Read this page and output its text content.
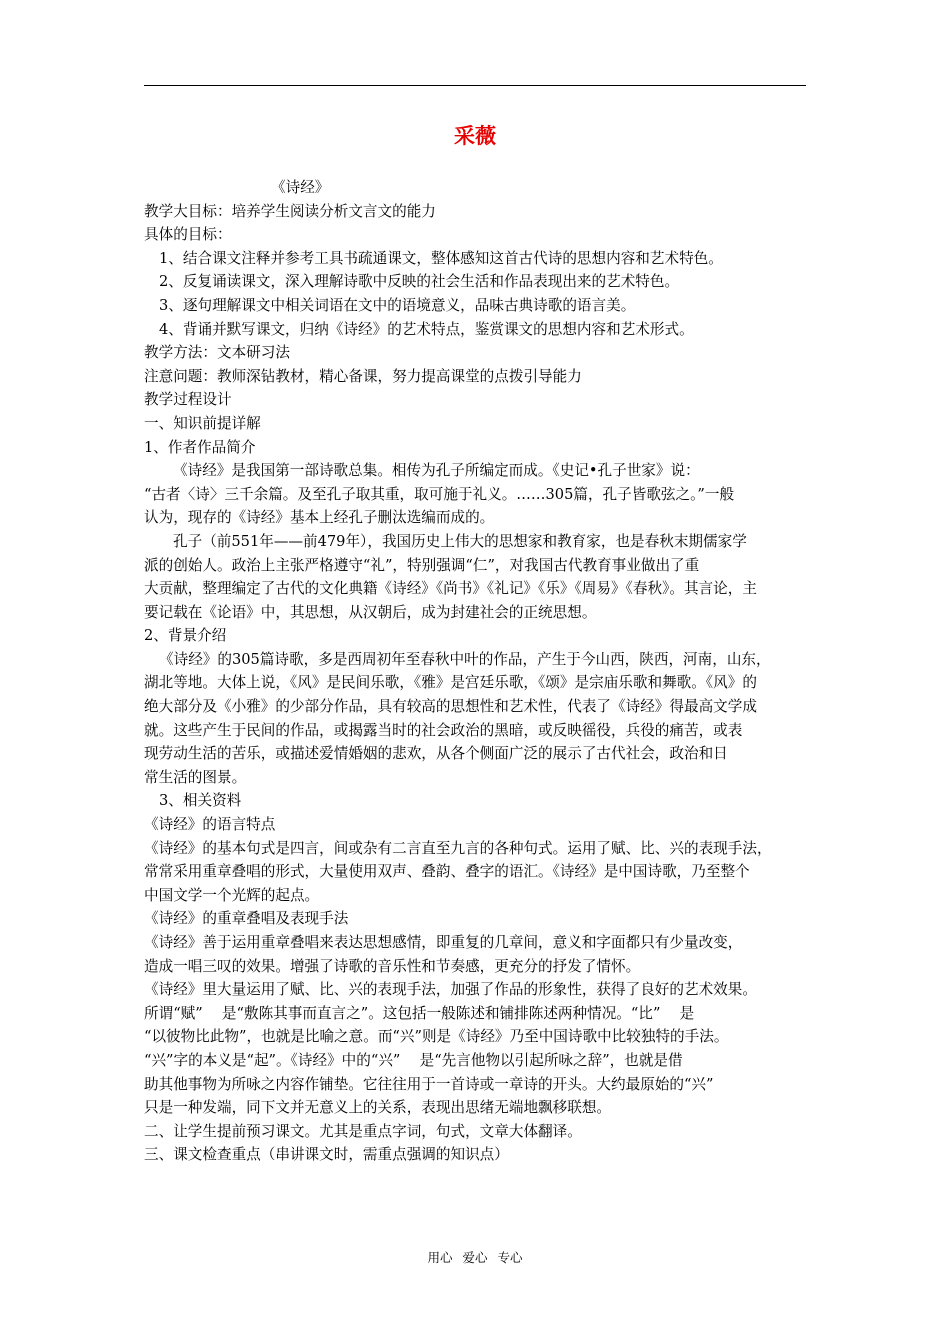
采薇
《诗经》
教学大目标：培养学生阅读分析文言文的能力
具体的目标：
1、结合课文注释并参考工具书疏通课文，整体感知这首古代诗的思想内容和艺术特色。
2、反复诵读课文，深入理解诗歌中反映的社会生活和作品表现出来的艺术特色。
3、逐句理解课文中相关词语在文中的语境意义，品味古典诗歌的语言美。
4、背诵并默写课文，归纳《诗经》的艺术特点，鉴赏课文的思想内容和艺术形式。
教学方法：文本研习法
注意问题：教师深钻教材，精心备课，努力提高课堂的点拨引导能力
教学过程设计
一、知识前提详解
1、作者作品简介
《诗经》是我国第一部诗歌总集。相传为孔子所编定而成。《史记•孔子世家》说：
“古者〈诗〉三千余篇。及至孔子取其重，取可施于礼义。……305篇，孔子皆歌弦之。”一般
认为，现存的《诗经》基本上经孔子删汰选编而成的。
孔子（前551年——前479年），我国历史上伟大的思想家和教育家，也是春秋末期儒家学
派的创始人。政治上主张严格遵守“礼”，特别强调“仁”，对我国古代教育事业做出了重
大贡献，整理编定了古代的文化典籍《诗经》《尚书》《礼记》《乐》《周易》《春秋》。其言论，主
要记载在《论语》中，其思想，从汉朝后，成为封建社会的正统思想。
2、背景介绍
《诗经》的305篇诗歌，多是西周初年至春秋中叶的作品，产生于今山西，陕西，河南，山东，
湖北等地。大体上说，《风》是民间乐歌，《雅》是宫廷乐歌，《颂》是宗庙乐歌和舞歌。《风》的
绝大部分及《小雅》的少部分作品，具有较高的思想性和艺术性，代表了《诗经》得最高文学成
就。这些产生于民间的作品，或揭露当时的社会政治的黑暗，或反映徭役，兵役的痛苦，或表
现劳动生活的苦乐，或描述爱情婚姻的悲欢，从各个侧面广泛的展示了古代社会，政治和日
常生活的图景。
3、相关资料
《诗经》的语言特点
《诗经》的基本句式是四言，间或杂有二言直至九言的各种句式。运用了赋、比、兴的表现手法，
常常采用重章叠唱的形式，大量使用双声、叠韵、叠字的语汇。《诗经》是中国诗歌，乃至整个
中国文学一个光辉的起点。
《诗经》的重章叠唱及表现手法
《诗经》善于运用重章叠唱来表达思想感情，即重复的几章间，意义和字面都只有少量改变，
造成一唱三叹的效果。增强了诗歌的音乐性和节奏感，更充分的抒发了情怀。
《诗经》里大量运用了赋、比、兴的表现手法，加强了作品的形象性，获得了良好的艺术效果。
所谓“赋”　 是“敷陈其事而直言之”。这包括一般陈述和铺排陈述两种情况。“比”　 是
“以彼物比此物”，也就是比喻之意。而“兴”则是《诗经》乃至中国诗歌中比较独特的手法。
“兴”字的本义是“起”。《诗经》中的“兴”　 是“先言他物以引起所咏之辞”，也就是借
助其他事物为所咏之内容作铺垫。它往往用于一首诗或一章诗的开头。大约最原始的“兴”
只是一种发端，同下文并无意义上的关系，表现出思绪无端地飘移联想。
二、让学生提前预习课文。尤其是重点字词，句式，文章大体翻译。
三、课文检查重点（串讲课文时，需重点强调的知识点）
用心 爱心 专心
